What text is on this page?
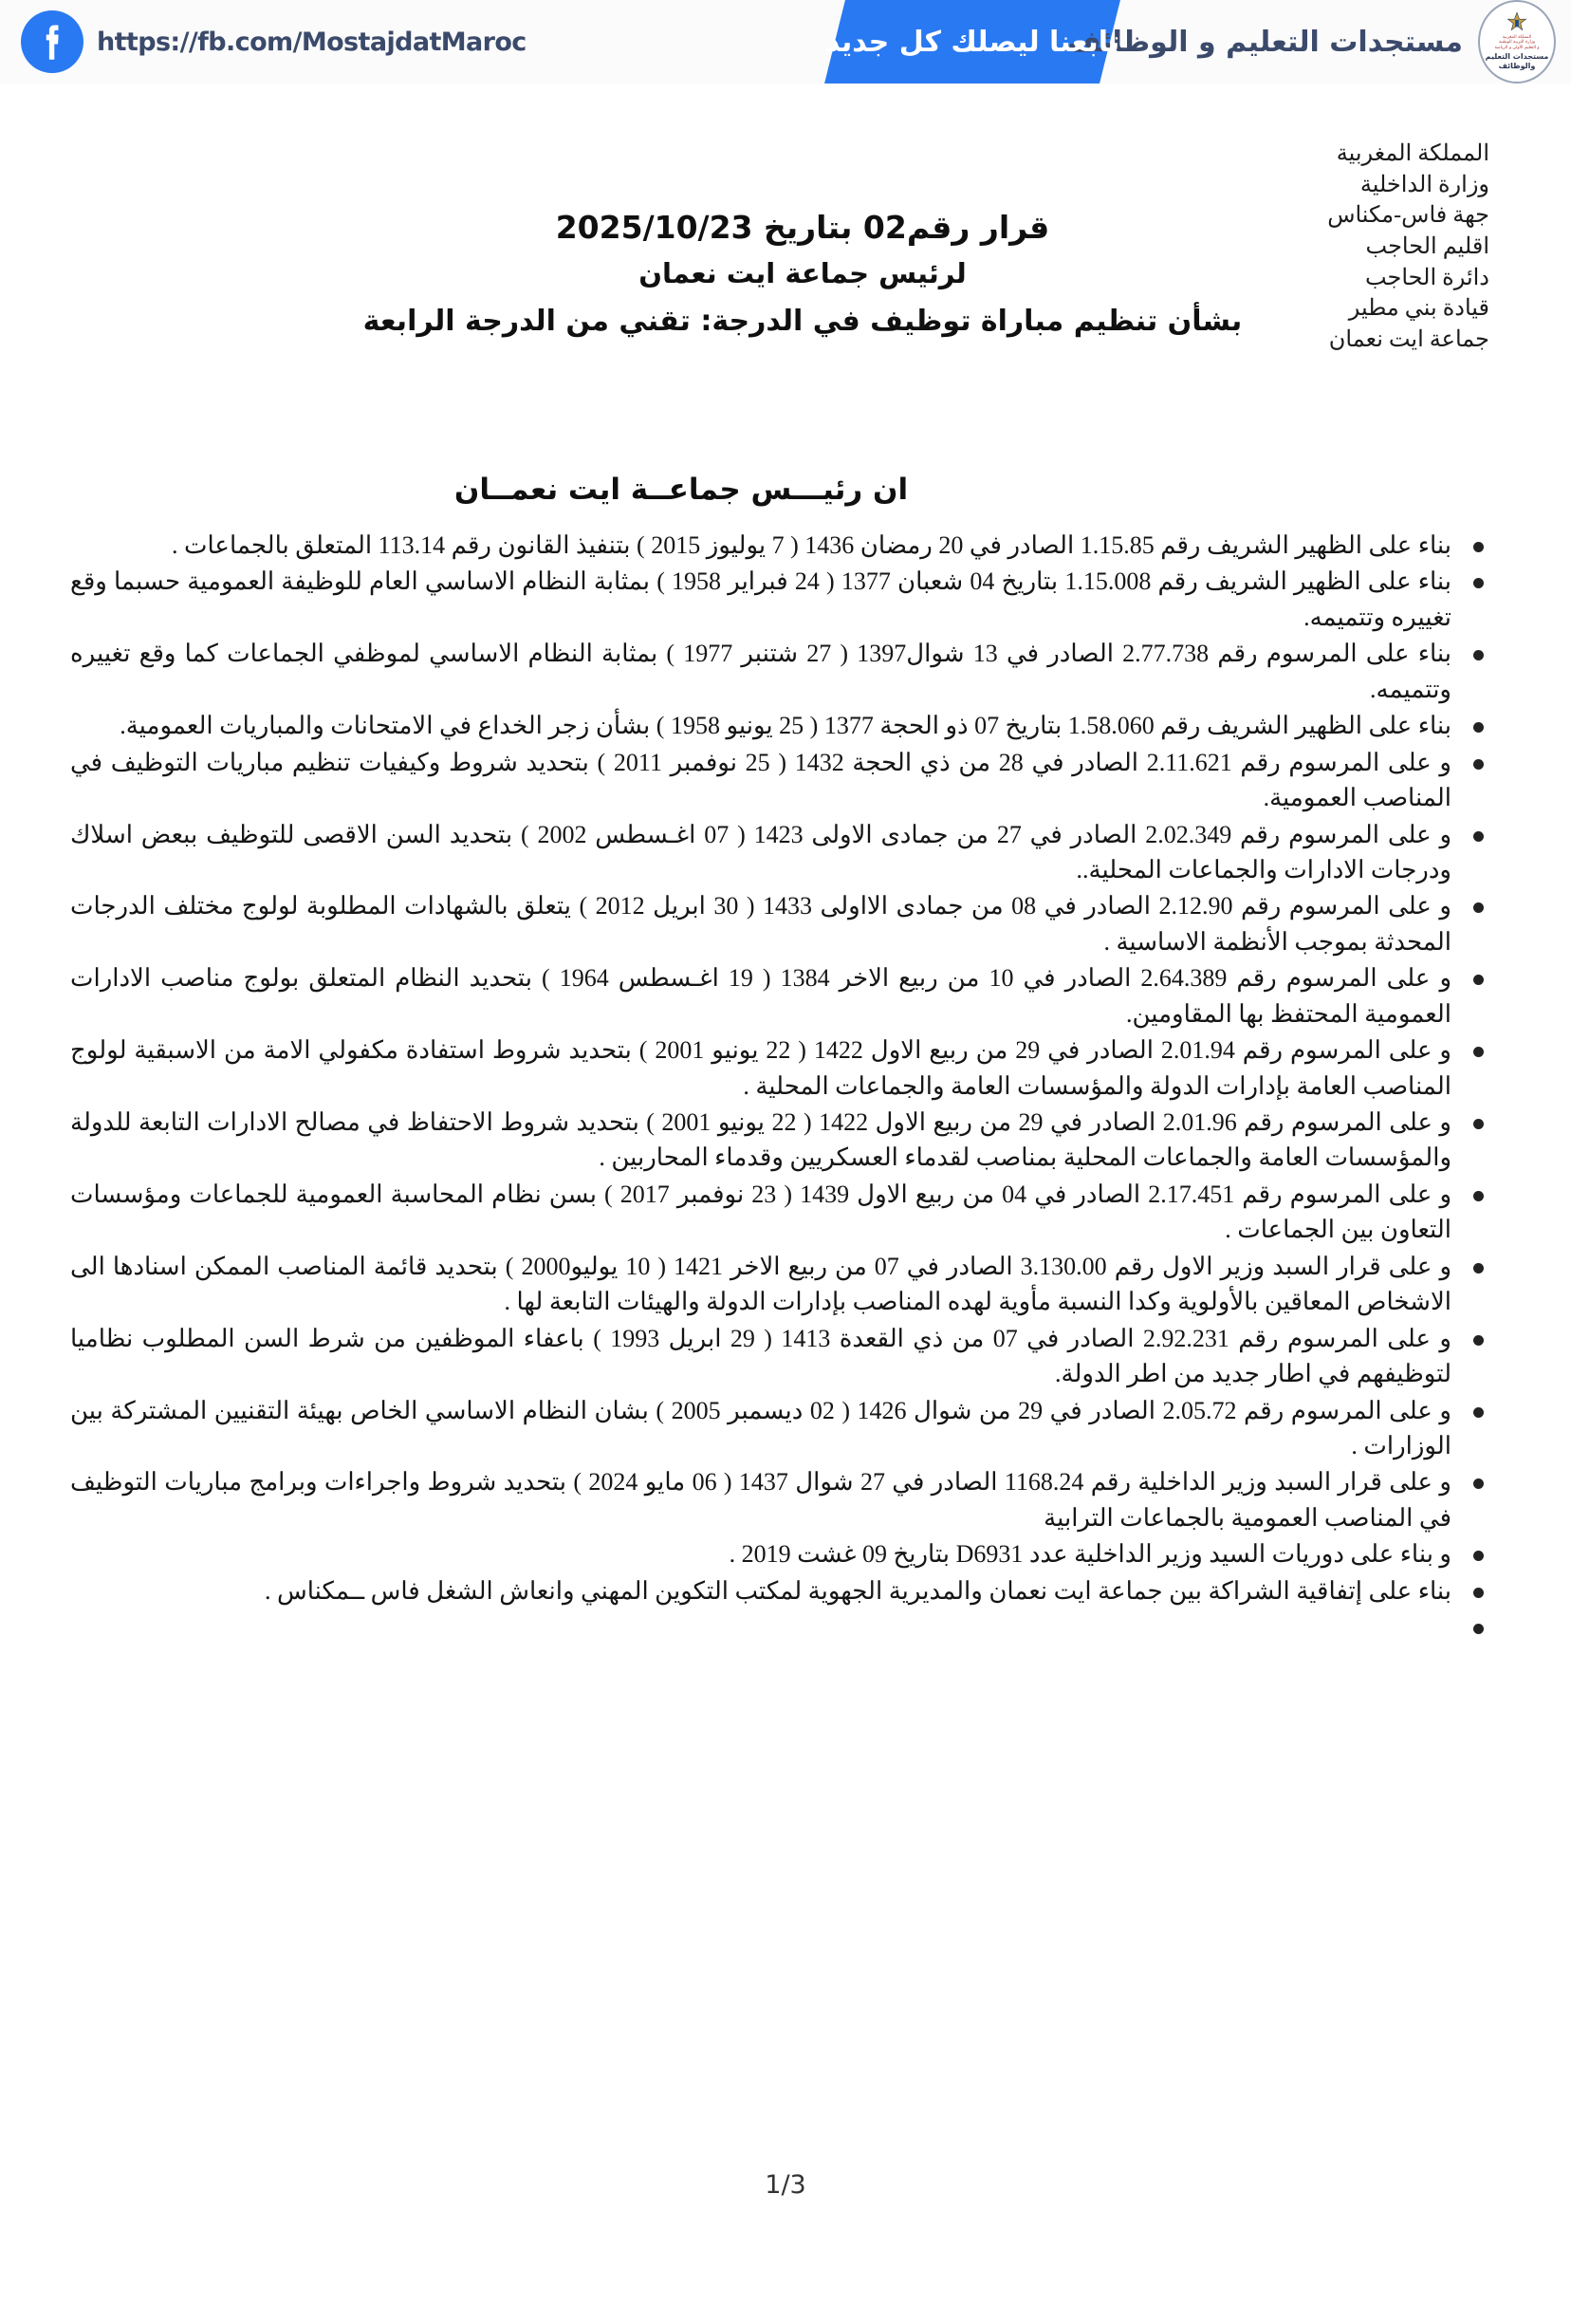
https://fb.com/MostajdatMaroc	تابعنا ليصلك كل جديد	المملكة المغربية
وزارة التربية الوطنية
و التعليم الأولي و الرياضة
مستجدات التعليم
والوظائف
مستجدات التعليم و الوظائف
المملكة المغربية
وزارة الداخلية
جهة فاس-مكناس
اقليم الحاجب
دائرة الحاجب
قيادة بني مطير
جماعة ايت نعمان
قرار رقم02 بتاريخ 2025/10/23
لرئيس جماعة ايت نعمان
بشأن تنظيم مباراة توظيف في الدرجة: تقني من الدرجة الرابعة
ان رئيـــس جماعــة ايت نعمــان
بناء على الظهير الشريف رقم 1.15.85 الصادر في 20 رمضان 1436 ( 7 يوليوز 2015 ) بتنفيذ القانون رقم 113.14 المتعلق بالجماعات .
بناء على الظهير الشريف رقم 1.15.008 بتاريخ 04 شعبان 1377 ( 24 فبراير 1958 ) بمثابة النظام الاساسي العام للوظيفة العمومية حسبما وقع تغييره وتتميمه.
بناء على المرسوم رقم 2.77.738 الصادر في 13 شوال1397 ( 27 شتنبر 1977 ) بمثابة النظام الاساسي لموظفي الجماعات كما وقع تغييره وتتميمه.
بناء على الظهير الشريف رقم 1.58.060 بتاريخ 07 ذو الحجة 1377 ( 25 يونيو 1958 ) بشأن زجر الخداع في الامتحانات والمباريات العمومية.
و على المرسوم رقم 2.11.621 الصادر في 28 من ذي الحجة 1432 ( 25 نوفمبر 2011 ) بتحديد شروط وكيفيات تنظيم مباريات التوظيف في المناصب العمومية.
و على المرسوم رقم 2.02.349 الصادر في 27 من جمادى الاولى 1423 ( 07 اغـسطس 2002 ) بتحديد السن الاقصى للتوظيف ببعض اسلاك ودرجات الادارات والجماعات المحلية..
و على المرسوم رقم 2.12.90 الصادر في 08 من جمادى الااولى 1433 ( 30 ابريل 2012 ) يتعلق بالشهادات المطلوبة لولوج مختلف الدرجات المحدثة بموجب الأنظمة الاساسية .
و على المرسوم رقم 2.64.389 الصادر في 10 من ربيع الاخر 1384 ( 19 اغـسطس 1964 ) بتحديد النظام المتعلق بولوج مناصب الادارات العمومية المحتفظ بها المقاومين.
و على المرسوم رقم 2.01.94 الصادر في 29 من ربيع الاول 1422 ( 22 يونيو 2001 ) بتحديد شروط استفادة مكفولي الامة من الاسبقية لولوج المناصب العامة بإدارات الدولة والمؤسسات العامة والجماعات المحلية .
و على المرسوم رقم 2.01.96 الصادر في 29 من ربيع الاول 1422 ( 22 يونيو 2001 ) بتحديد شروط الاحتفاظ في مصالح الادارات التابعة للدولة والمؤسسات العامة والجماعات المحلية بمناصب لقدماء العسكريين وقدماء المحاربين .
و على المرسوم رقم 2.17.451 الصادر في 04 من ربيع الاول 1439 ( 23 نوفمبر 2017 ) بسن نظام المحاسبة العمومية للجماعات ومؤسسات التعاون بين الجماعات .
و على قرار السبد وزير الاول رقم 3.130.00 الصادر في 07 من ربيع الاخر 1421 ( 10 يوليو2000 ) بتحديد قائمة المناصب الممكن اسنادها الى الاشخاص المعاقين بالأولوية وكدا النسبة مأوية لهده المناصب بإدارات الدولة والهيئات التابعة لها .
و على المرسوم رقم 2.92.231 الصادر في 07 من ذي القعدة 1413 ( 29 ابريل 1993 ) باعفاء الموظفين من شرط السن المطلوب نظاميا لتوظيفهم في اطار جديد من اطر الدولة.
و على المرسوم رقم 2.05.72 الصادر في 29 من شوال 1426 ( 02 ديسمبر 2005 ) بشان النظام الاساسي الخاص بهيئة التقنيين المشتركة بين الوزارات .
و على قرار السبد وزير الداخلية رقم 1168.24 الصادر في 27 شوال 1437 ( 06 مايو 2024 ) بتحديد شروط واجراءات وبرامج مباريات التوظيف في المناصب العمومية بالجماعات الترابية
و بناء على دوريات السيد وزير الداخلية عدد D6931 بتاريخ 09 غشت 2019 .
بناء على إتفاقية الشراكة بين جماعة ايت نعمان والمديرية الجهوية لمكتب التكوين المهني وانعاش الشغل فاس ــمكناس .
1/3
